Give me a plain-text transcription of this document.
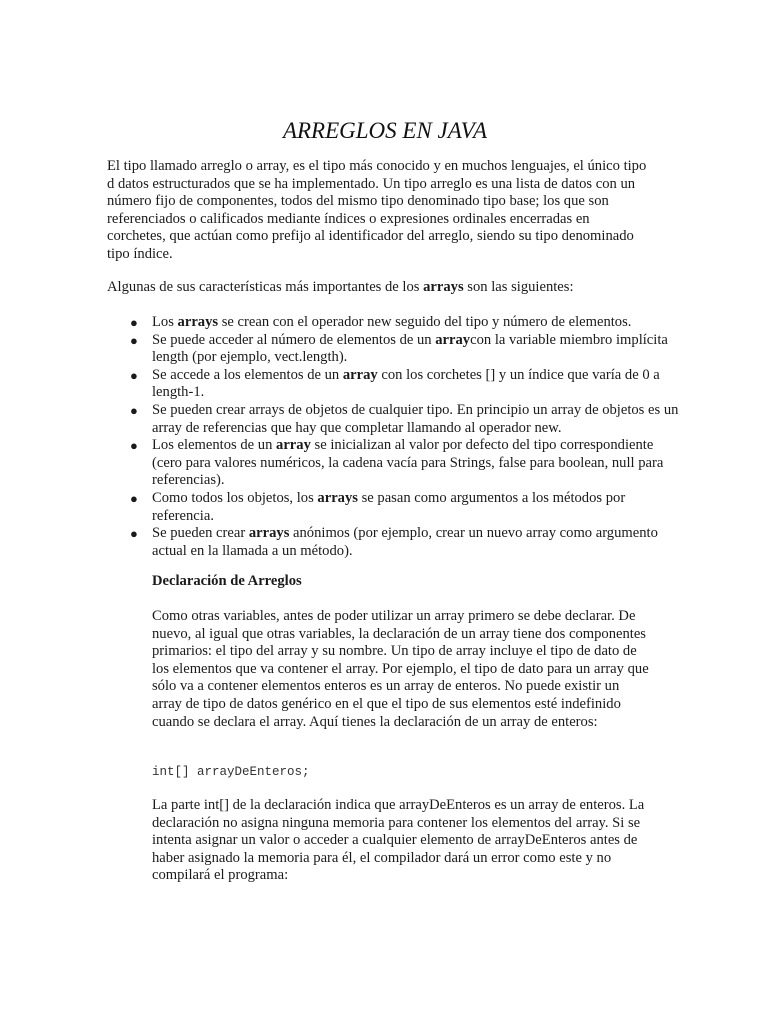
ARREGLOS EN JAVA

El tipo llamado arreglo o array, es el tipo más conocido y en muchos lenguajes, el único tipo d datos estructurados que se ha implementado. Un tipo arreglo es una lista de datos con un número fijo de componentes, todos del mismo tipo denominado tipo base; los que son referenciados o calificados mediante índices o expresiones ordinales encerradas en corchetes, que actúan como prefijo al identificador del arreglo, siendo su tipo denominado tipo índice.

Algunas de sus características más importantes de los arrays son las siguientes:

● Los arrays se crean con el operador new seguido del tipo y número de elementos.
● Se puede acceder al número de elementos de un arraycon la variable miembro implícita length (por ejemplo, vect.length).
● Se accede a los elementos de un array con los corchetes [] y un índice que varía de 0 a length-1.
● Se pueden crear arrays de objetos de cualquier tipo. En principio un array de objetos es un array de referencias que hay que completar llamando al operador new.
● Los elementos de un array se inicializan al valor por defecto del tipo correspondiente (cero para valores numéricos, la cadena vacía para Strings, false para boolean, null para referencias).
● Como todos los objetos, los arrays se pasan como argumentos a los métodos por referencia.
● Se pueden crear arrays anónimos (por ejemplo, crear un nuevo array como argumento actual en la llamada a un método).

Declaración de Arreglos

Como otras variables, antes de poder utilizar un array primero se debe declarar. De nuevo, al igual que otras variables, la declaración de un array tiene dos componentes primarios: el tipo del array y su nombre. Un tipo de array incluye el tipo de dato de los elementos que va contener el array. Por ejemplo, el tipo de dato para un array que sólo va a contener elementos enteros es un array de enteros. No puede existir un array de tipo de datos genérico en el que el tipo de sus elementos esté indefinido cuando se declara el array. Aquí tienes la declaración de un array de enteros:

int[] arrayDeEnteros;

La parte int[] de la declaración indica que arrayDeEnteros es un array de enteros. La declaración no asigna ninguna memoria para contener los elementos del array. Si se intenta asignar un valor o acceder a cualquier elemento de arrayDeEnteros antes de haber asignado la memoria para él, el compilador dará un error como este y no compilará el programa:
